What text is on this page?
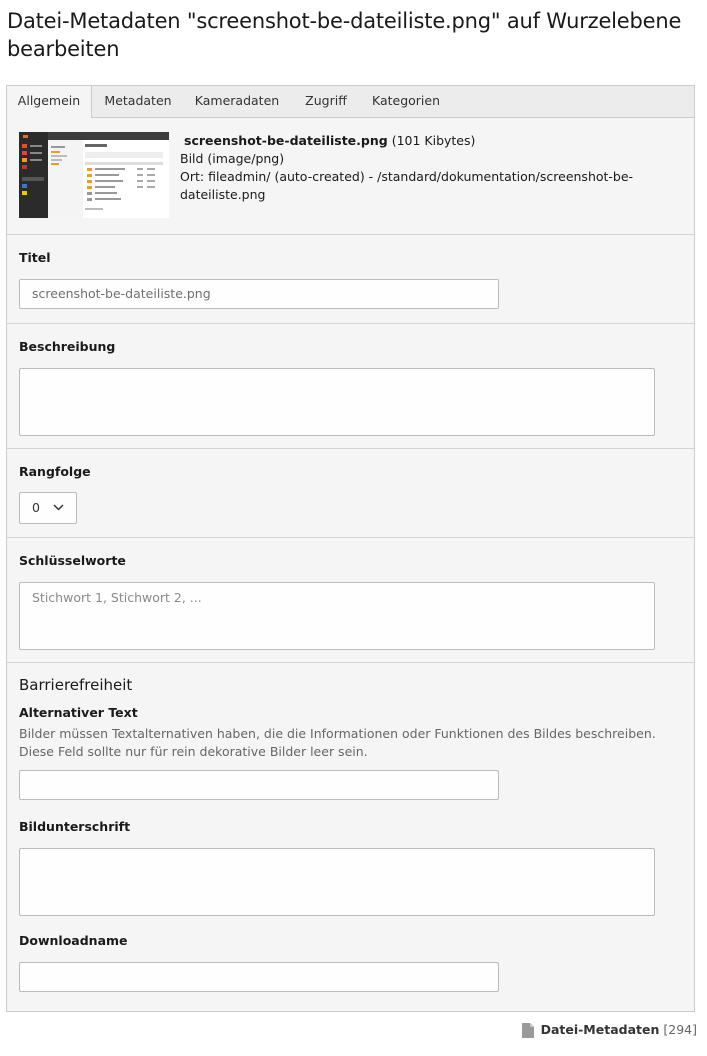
Datei-Metadaten "screenshot-be-dateiliste.png" auf Wurzelebene bearbeiten
Allgemein	Metadaten	Kameradaten	Zugriff	Kategorien
screenshot-be-dateiliste.png (101 Kibytes)
Bild (image/png)
Ort: fileadmin/ (auto-created) - /standard/dokumentation/screenshot-be-dateiliste.png
Titel
screenshot-be-dateiliste.png
Beschreibung
Rangfolge
0
Schlüsselworte
Stichwort 1, Stichwort 2, ...
Barrierefreiheit
Alternativer Text
Bilder müssen Textalternativen haben, die die Informationen oder Funktionen des Bildes beschreiben. Diese Feld sollte nur für rein dekorative Bilder leer sein.
Bildunterschrift
Downloadname
Datei-Metadaten [294]
